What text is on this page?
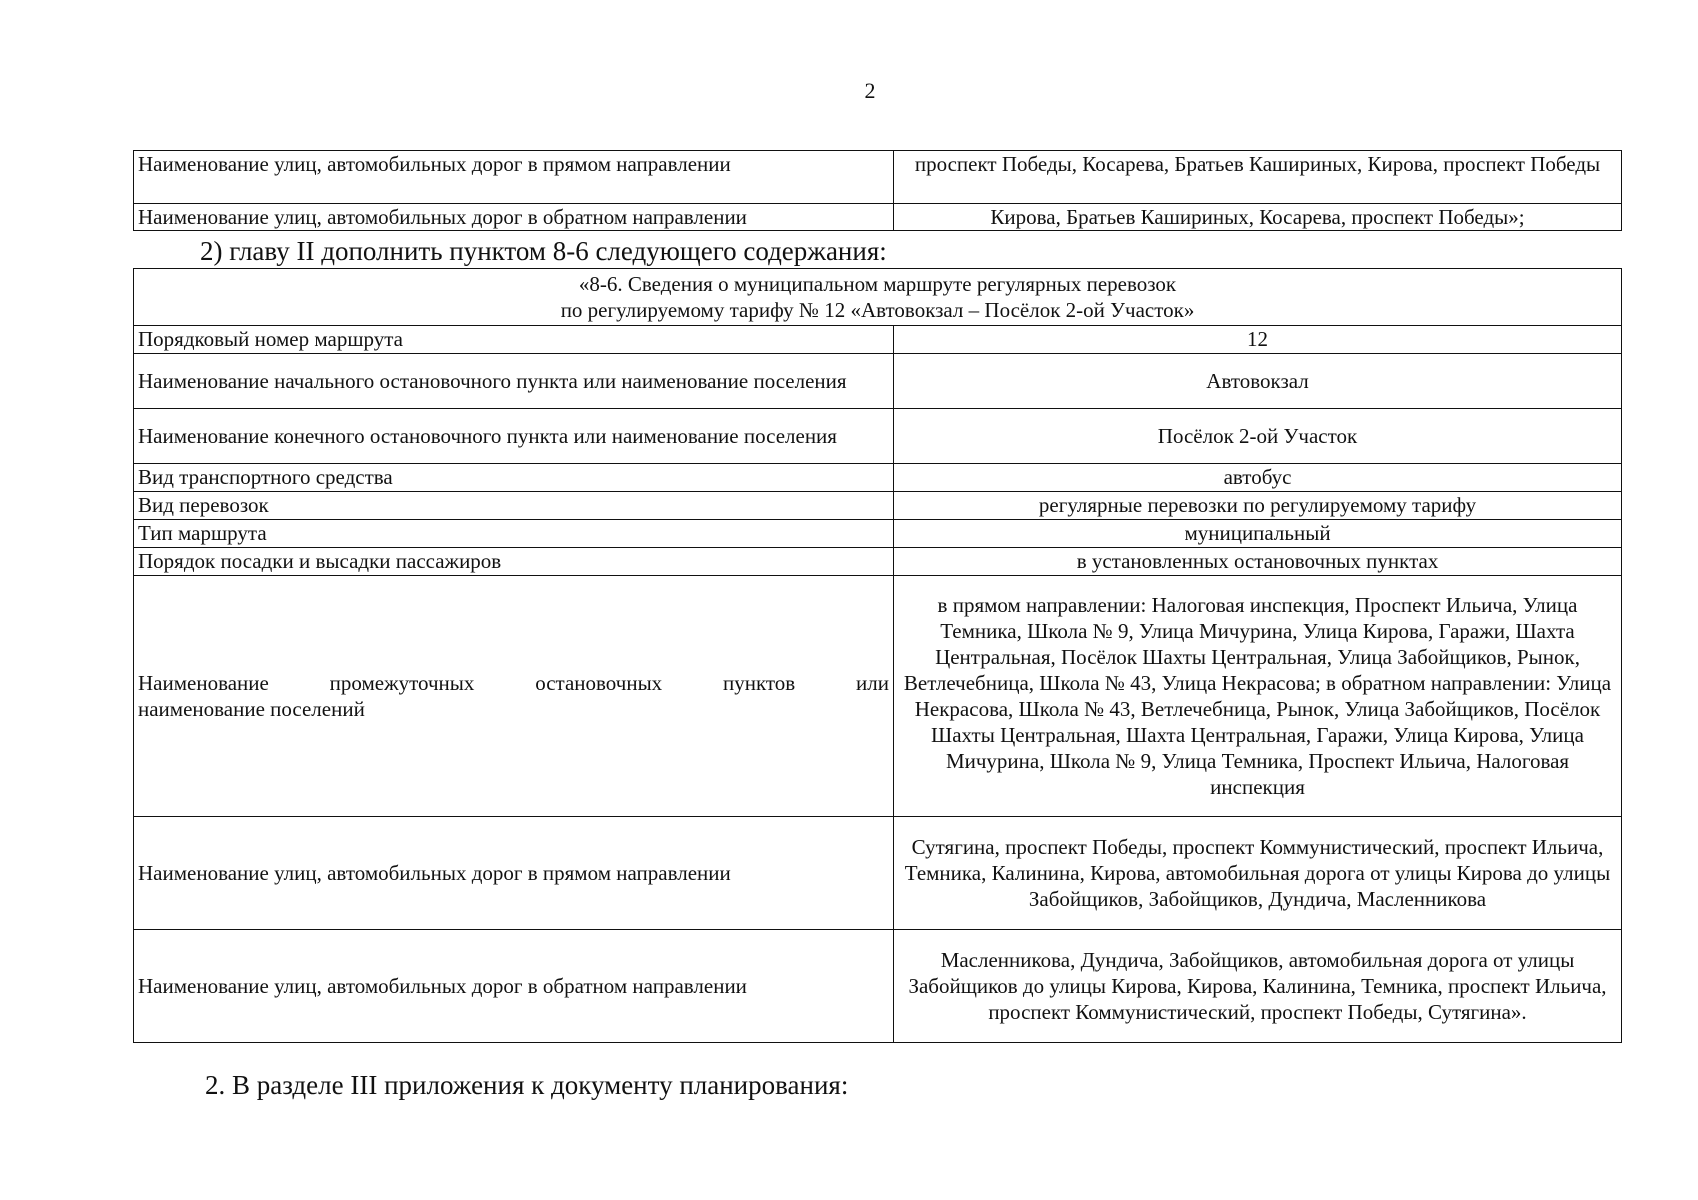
2
Наименование улиц, автомобильных дорог в прямом направлении	проспект Победы, Косарева, Братьев Кашириных, Кирова, проспект Победы
Наименование улиц, автомобильных дорог в обратном направлении	Кирова, Братьев Кашириных, Косарева, проспект Победы»;
2) главу II дополнить пунктом 8-6 следующего содержания:
«8-6. Сведения о муниципальном маршруте регулярных перевозок
по регулируемому тарифу № 12 «Автовокзал – Посёлок 2-ой Участок»	

Порядковый номер маршрута	12
Наименование начального остановочного пункта или наименование поселения	Автовокзал
Наименование конечного остановочного пункта или наименование поселения	Посёлок 2-ой Участок
Вид транспортного средства	автобус
Вид перевозок	регулярные перевозки по регулируемому тарифу
Тип маршрута	муниципальный
Порядок посадки и высадки пассажиров	в установленных остановочных пунктах

Наименование промежуточных остановочных пунктов или
наименование поселений	в прямом направлении: Налоговая инспекция, Проспект Ильича, Улица Темника, Школа № 9, Улица Мичурина, Улица Кирова, Гаражи, Шахта Центральная, Посёлок Шахты Центральная, Улица Забойщиков, Рынок, Ветлечебница, Школа № 43, Улица Некрасова; в обратном направлении: Улица Некрасова, Школа № 43, Ветлечебница, Рынок, Улица Забойщиков, Посёлок Шахты Центральная, Шахта Центральная, Гаражи, Улица Кирова, Улица Мичурина, Школа № 9, Улица Темника, Проспект Ильича, Налоговая инспекция
Наименование улиц, автомобильных дорог в прямом направлении	Сутягина, проспект Победы, проспект Коммунистический, проспект Ильича, Темника, Калинина, Кирова, автомобильная дорога от улицы Кирова до улицы Забойщиков, Забойщиков, Дундича, Масленникова
Наименование улиц, автомобильных дорог в обратном направлении	Масленникова, Дундича, Забойщиков, автомобильная дорога от улицы Забойщиков до улицы Кирова, Кирова, Калинина, Темника, проспект Ильича, проспект Коммунистический, проспект Победы, Сутягина».
2. В разделе III приложения к документу планирования:
